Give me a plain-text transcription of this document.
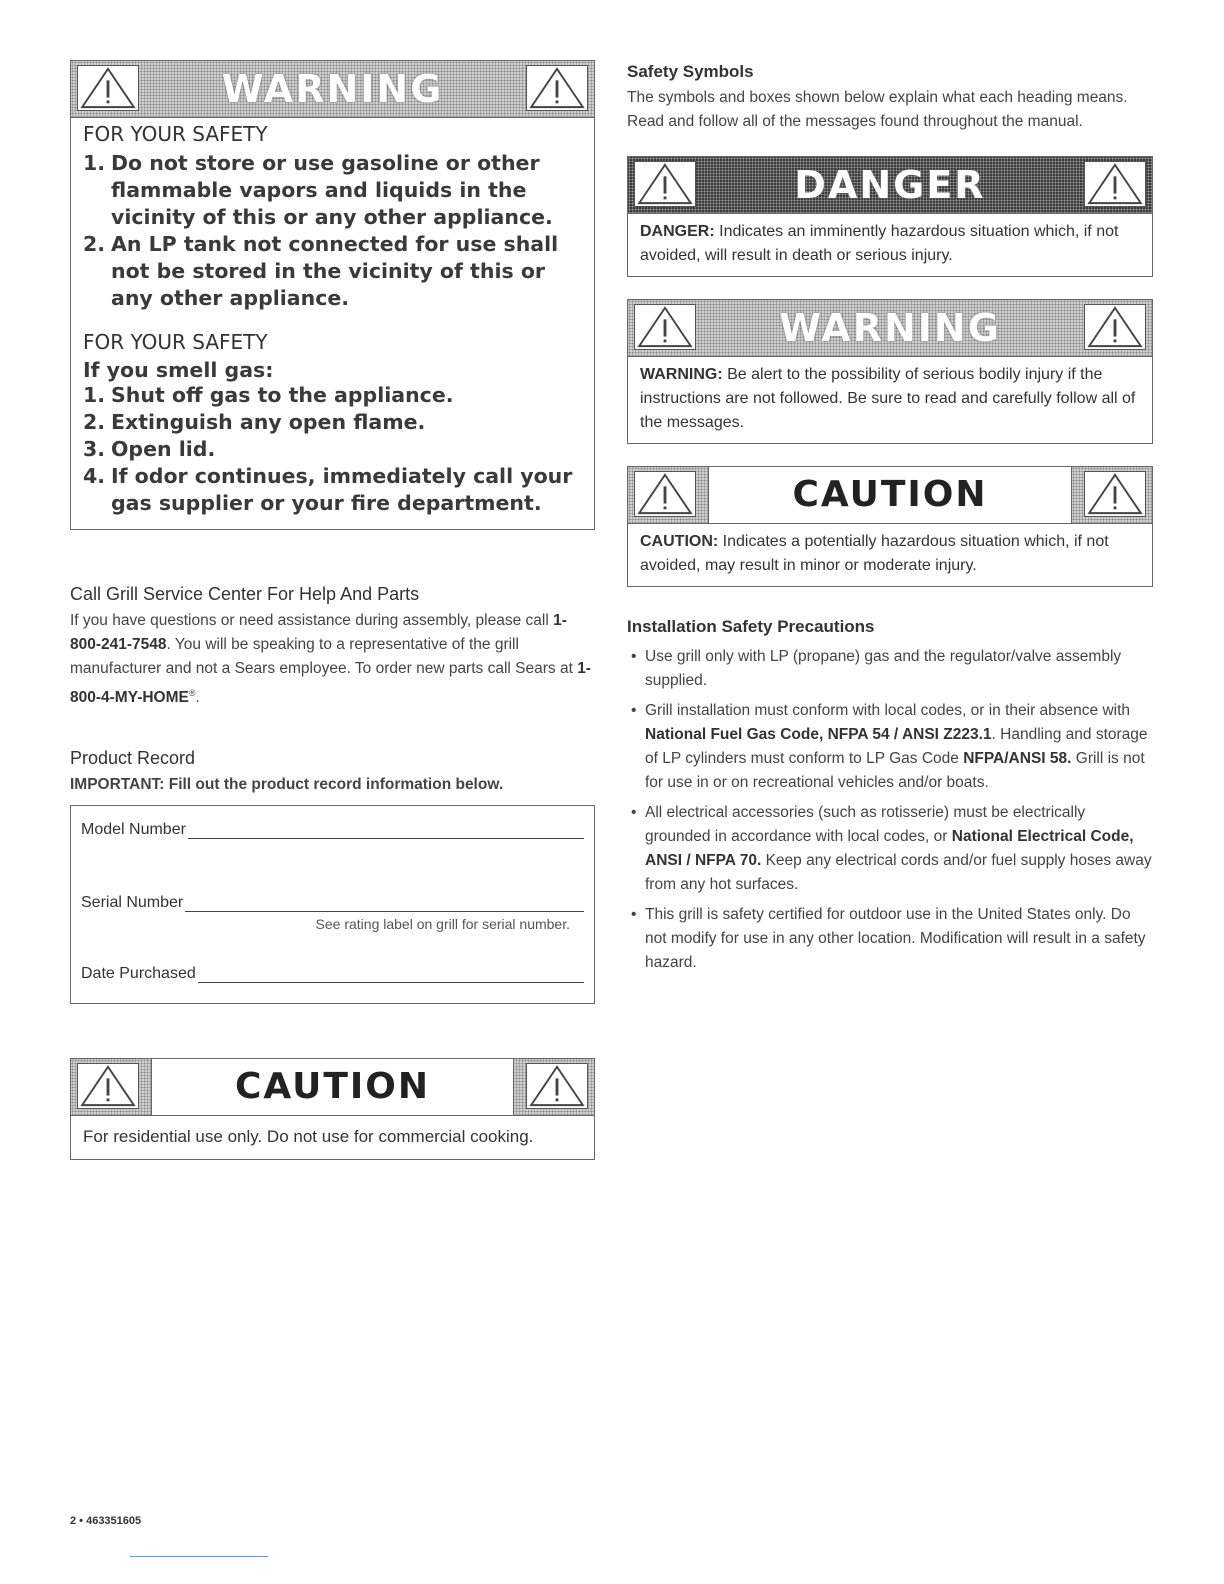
WARNING

FOR YOUR SAFETY

1. Do not store or use gasoline or other flammable vapors and liquids in the vicinity of this or any other appliance.
2. An LP tank not connected for use shall not be stored in the vicinity of this or any other appliance.

FOR YOUR SAFETY

If you smell gas:

1. Shut off gas to the appliance.
2. Extinguish any open flame.
3. Open lid.
4. If odor continues, immediately call your gas supplier or your fire department.
Call Grill Service Center For Help And Parts

If you have questions or need assistance during assembly, please call 1-800-241-7548. You will be speaking to a representative of the grill manufacturer and not a Sears employee. To order new parts call Sears at 1-800-4-MY-HOME®.

Product Record

IMPORTANT: Fill out the product record information below.

Model Number
Serial Number
See rating label on grill for serial number.
Date Purchased
CAUTION
For residential use only. Do not use for commercial cooking.
Safety Symbols

The symbols and boxes shown below explain what each heading means. Read and follow all of the messages found throughout the manual.

DANGER
DANGER: Indicates an imminently hazardous situation which, if not avoided, will result in death or serious injury.
WARNING
WARNING: Be alert to the possibility of serious bodily injury if the instructions are not followed. Be sure to read and carefully follow all of the messages.
CAUTION
CAUTION: Indicates a potentially hazardous situation which, if not avoided, may result in minor or moderate injury.
Installation Safety Precautions
• Use grill only with LP (propane) gas and the regulator/valve assembly supplied.
• Grill installation must conform with local codes, or in their absence with National Fuel Gas Code, NFPA 54 / ANSI Z223.1. Handling and storage of LP cylinders must conform to LP Gas Code NFPA/ANSI 58. Grill is not for use in or on recreational vehicles and/or boats.
• All electrical accessories (such as rotisserie) must be electrically grounded in accordance with local codes, or National Electrical Code, ANSI / NFPA 70. Keep any electrical cords and/or fuel supply hoses away from any hot surfaces.
• This grill is safety certified for outdoor use in the United States only. Do not modify for use in any other location. Modification will result in a safety hazard.
2 • 463351605
